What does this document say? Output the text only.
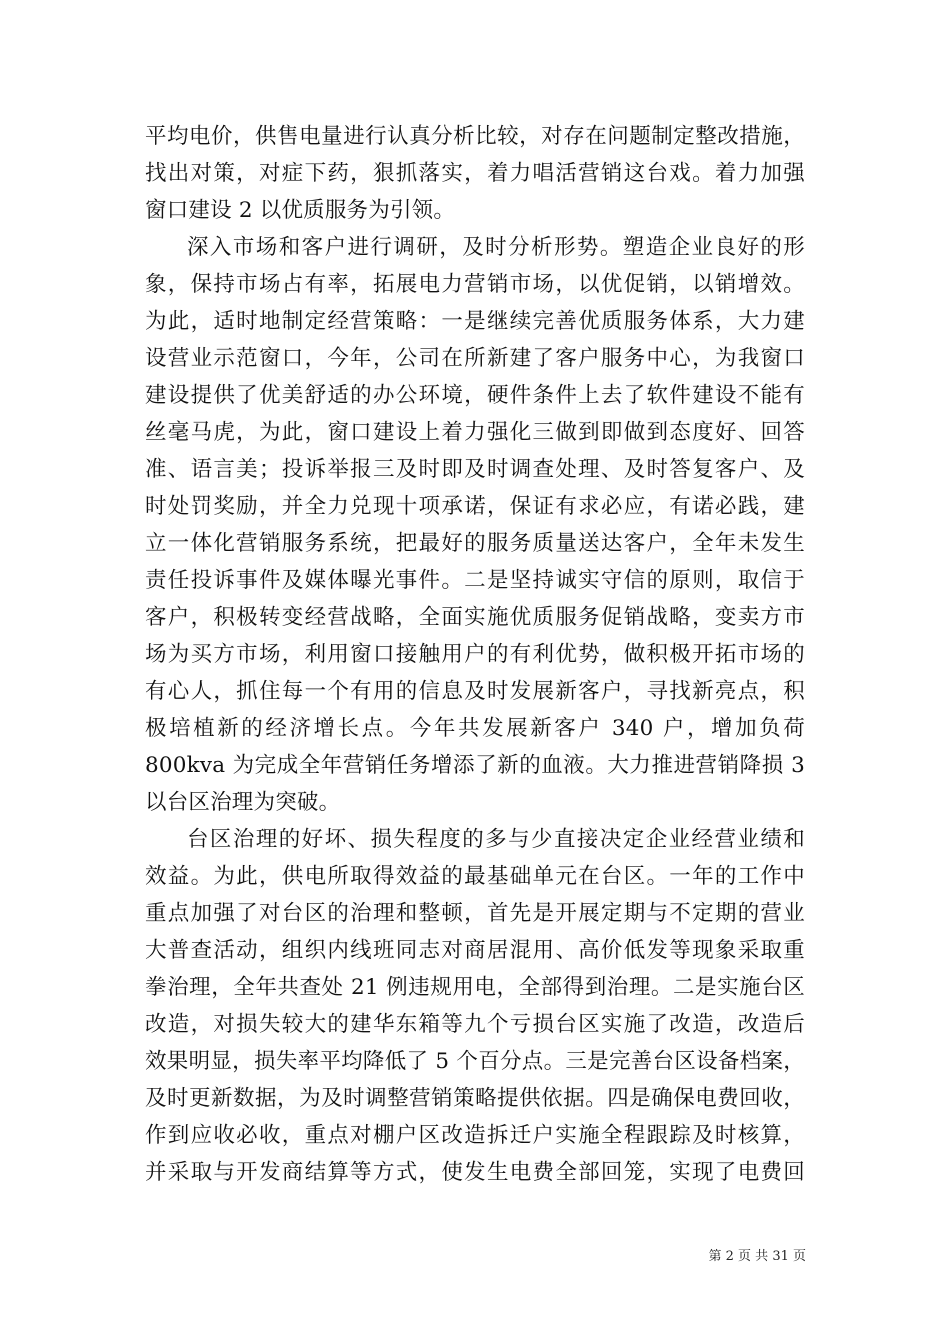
平均电价，供售电量进行认真分析比较，对存在问题制定整改措施，
找出对策，对症下药，狠抓落实，着力唱活营销这台戏。着力加强
窗口建设 2 以优质服务为引领。
深入市场和客户进行调研，及时分析形势。塑造企业良好的形
象，保持市场占有率，拓展电力营销市场，以优促销，以销增效。
为此，适时地制定经营策略：一是继续完善优质服务体系，大力建
设营业示范窗口，今年，公司在所新建了客户服务中心，为我窗口
建设提供了优美舒适的办公环境，硬件条件上去了软件建设不能有
丝毫马虎，为此，窗口建设上着力强化三做到即做到态度好、回答
准、语言美；投诉举报三及时即及时调查处理、及时答复客户、及
时处罚奖励，并全力兑现十项承诺，保证有求必应，有诺必践，建
立一体化营销服务系统，把最好的服务质量送达客户，全年未发生
责任投诉事件及媒体曝光事件。二是坚持诚实守信的原则，取信于
客户，积极转变经营战略，全面实施优质服务促销战略，变卖方市
场为买方市场，利用窗口接触用户的有利优势，做积极开拓市场的
有心人，抓住每一个有用的信息及时发展新客户，寻找新亮点，积
极培植新的经济增长点。今年共发展新客户 340 户，增加负荷
800kva 为完成全年营销任务增添了新的血液。大力推进营销降损 3
以台区治理为突破。
台区治理的好坏、损失程度的多与少直接决定企业经营业绩和
效益。为此，供电所取得效益的最基础单元在台区。一年的工作中
重点加强了对台区的治理和整顿，首先是开展定期与不定期的营业
大普查活动，组织内线班同志对商居混用、高价低发等现象采取重
拳治理，全年共查处 21 例违规用电，全部得到治理。二是实施台区
改造，对损失较大的建华东箱等九个亏损台区实施了改造，改造后
效果明显，损失率平均降低了 5 个百分点。三是完善台区设备档案，
及时更新数据，为及时调整营销策略提供依据。四是确保电费回收，
作到应收必收，重点对棚户区改造拆迁户实施全程跟踪及时核算，
并采取与开发商结算等方式，使发生电费全部回笼，实现了电费回
第 2 页 共 31 页
